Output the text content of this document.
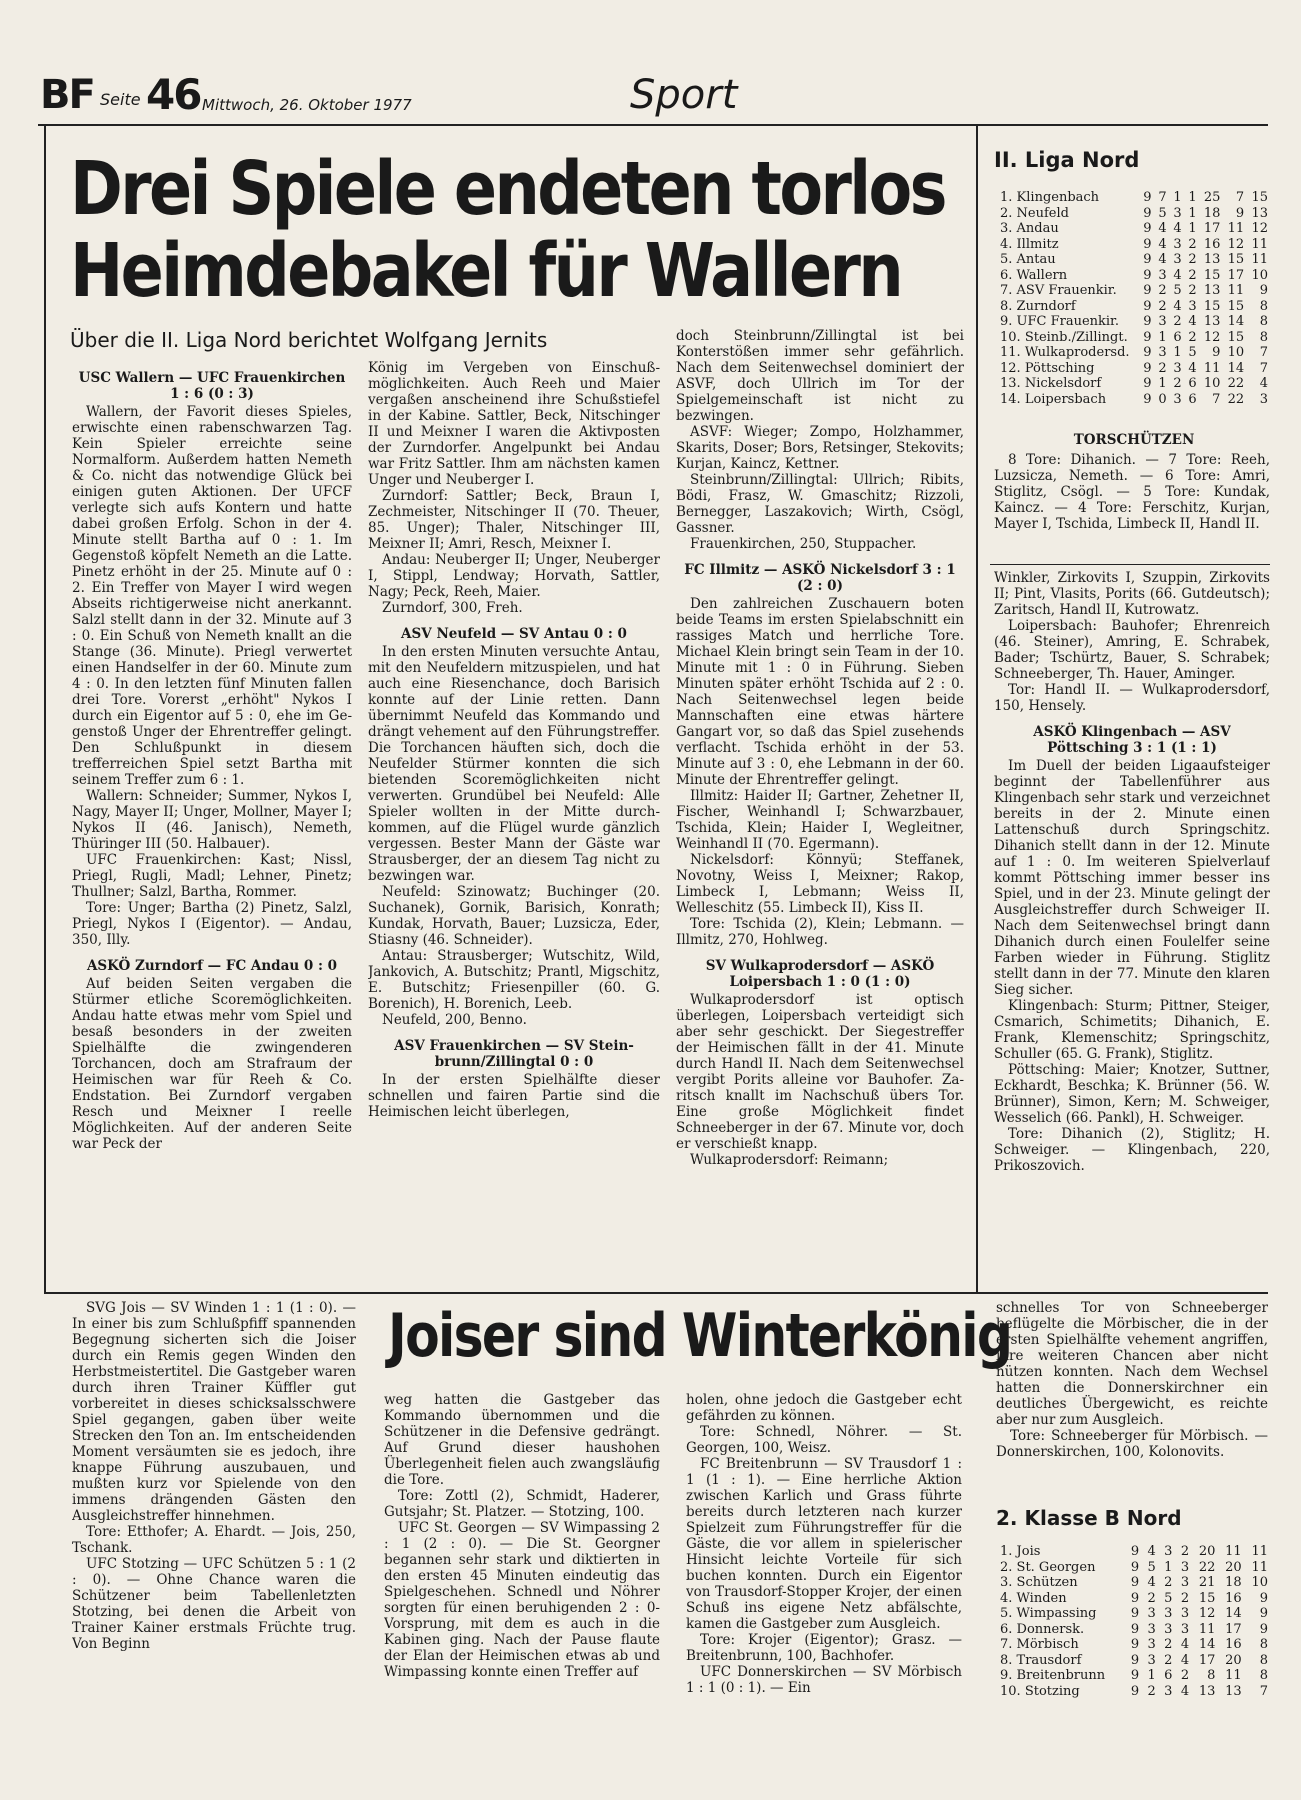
BF Seite 46 Mittwoch, 26. Oktober 1977	Sport
Drei Spiele endeten torlos
Heimdebakel für Wallern
Über die II. Liga Nord berichtet Wolfgang Jernits
USC Wallern — UFC Frauenkirchen 1 : 6 (0 : 3)

Wallern, der Favorit dieses Spieles, erwischte einen rabenschwarzen Tag. Kein Spieler erreichte seine Normalform. Außerdem hatten Nemeth & Co. nicht das notwendige Glück bei einigen guten Aktionen. Der UFCF verlegte sich aufs Kontern und hatte dabei großen Erfolg. Schon in der 4. Minute stellt Bartha auf 0 : 1. Im Gegenstoß köpfelt Nemeth an die Latte. Pinetz erhöht in der 25. Minute auf 0 : 2. Ein Treffer von Mayer I wird wegen Abseits richtigerweise nicht anerkannt. Salzl stellt dann in der 32. Minute auf 3 : 0. Ein Schuß von Nemeth knallt an die Stange (36. Minute). Priegl verwertet einen Handselfer in der 60. Minute zum 4 : 0. In den letzten fünf Minuten fallen drei Tore. Vorerst „erhöht" Nykos I durch ein Eigentor auf 5 : 0, ehe im Gegenstoß Unger der Ehrentreffer gelingt. Den Schlußpunkt in diesem trefferreichen Spiel setzt Bartha mit seinem Treffer zum 6 : 1.

Wallern: Schneider; Summer, Nykos I, Nagy, Mayer II; Unger, Mollner, Mayer I; Nykos II (46. Janisch), Nemeth, Thüringer III (50. Halbauer).

UFC Frauenkirchen: Kast; Nissl, Priegl, Rugli, Madl; Lehner, Pinetz; Thullner; Salzl, Bartha, Rommer.

Tore: Unger; Bartha (2) Pinetz, Salzl, Priegl, Nykos I (Eigentor). — Andau, 350, Illy.

ASKÖ Zurndorf — FC Andau 0 : 0

Auf beiden Seiten vergaben die Stürmer etliche Scoremöglichkeiten. Andau hatte etwas mehr vom Spiel und besaß besonders in der zweiten Spielhälfte die zwingenderen Torchancen, doch am Strafraum der Heimischen war für Reeh & Co. Endstation. Bei Zurndorf vergaben Resch und Meixner I reelle Möglichkeiten. Auf der anderen Seite war Peck der

König im Vergeben von Einschußmöglichkeiten. Auch Reeh und Maier vergaßen anscheinend ihre Schußstiefel in der Kabine. Sattler, Beck, Nitschinger II und Meixner I waren die Aktivposten der Zurndorfer. Angelpunkt bei Andau war Fritz Sattler. Ihm am nächsten kamen Unger und Neuberger I.

Zurndorf: Sattler; Beck, Braun I, Zechmeister, Nitschinger II (70. Theuer, 85. Unger); Thaler, Nitschinger III, Meixner II; Amri, Resch, Meixner I.

Andau: Neuberger II; Unger, Neuberger I, Stippl, Lendway; Horvath, Sattler, Nagy; Peck, Reeh, Maier.

Zurndorf, 300, Freh.

ASV Neufeld — SV Antau 0 : 0

In den ersten Minuten versuchte Antau, mit den Neufeldern mitzuspielen, und hat auch eine Riesenchance, doch Barisich konnte auf der Linie retten. Dann übernimmt Neufeld das Kommando und drängt vehement auf den Führungstreffer. Die Torchancen häuften sich, doch die Neufelder Stürmer konnten die sich bietenden Scoremöglichkeiten nicht verwerten. Grundübel bei Neufeld: Alle Spieler wollten in der Mitte durchkommen, auf die Flügel wurde gänzlich vergessen. Bester Mann der Gäste war Strausberger, der an diesem Tag nicht zu bezwingen war.

Neufeld: Szinowatz; Buchinger (20. Suchanek), Gornik, Barisich, Konrath; Kundak, Horvath, Bauer; Luzsicza, Eder, Stiasny (46. Schneider).

Antau: Strausberger; Wutschitz, Wild, Jankovich, A. Butschitz; Prantl, Migschitz, E. Butschitz; Friesenpiller (60. G. Borenich), H. Borenich, Leeb.

Neufeld, 200, Benno.

ASV Frauenkirchen — SV Steinbrunn/Zillingtal 0 : 0

In der ersten Spielhälfte dieser schnellen und fairen Partie sind die Heimischen leicht überlegen,

doch Steinbrunn/Zillingtal ist bei Konterstößen immer sehr gefährlich. Nach dem Seitenwechsel dominiert der ASVF, doch Ullrich im Tor der Spielgemeinschaft ist nicht zu bezwingen.

ASVF: Wieger; Zompo, Holzhammer, Skarits, Doser; Bors, Retsinger, Stekovits; Kurjan, Kaincz, Kettner.

Steinbrunn/Zillingtal: Ullrich; Ribits, Bödi, Frasz, W. Gmaschitz; Rizzoli, Bernegger, Laszakovich; Wirth, Csögl, Gassner.

Frauenkirchen, 250, Stuppacher.

FC Illmitz — ASKÖ Nickelsdorf 3 : 1 (2 : 0)

Den zahlreichen Zuschauern boten beide Teams im ersten Spielabschnitt ein rassiges Match und herrliche Tore. Michael Klein bringt sein Team in der 10. Minute mit 1 : 0 in Führung. Sieben Minuten später erhöht Tschida auf 2 : 0. Nach Seitenwechsel legen beide Mannschaften eine etwas härtere Gangart vor, so daß das Spiel zusehends verflacht. Tschida erhöht in der 53. Minute auf 3 : 0, ehe Lebmann in der 60. Minute der Ehrentreffer gelingt.

Illmitz: Haider II; Gartner, Zehetner II, Fischer, Weinhandl I; Schwarzbauer, Tschida, Klein; Haider I, Wegleitner, Weinhandl II (70. Egermann).

Nickelsdorf: Könnyü; Steffanek, Novotny, Weiss I, Meixner; Rakop, Limbeck I, Lebmann; Weiss II, Welleschitz (55. Limbeck II), Kiss II.

Tore: Tschida (2), Klein; Lebmann. — Illmitz, 270, Hohlweg.

SV Wulkaprodersdorf — ASKÖ Loipersbach 1 : 0 (1 : 0)

Wulkaprodersdorf ist optisch überlegen, Loipersbach verteidigt sich aber sehr geschickt. Der Siegestreffer der Heimischen fällt in der 41. Minute durch Handl II. Nach dem Seitenwechsel vergibt Porits alleine vor Bauhofer. Zaritsch knallt im Nachschuß übers Tor. Eine große Möglichkeit findet Schneeberger in der 67. Minute vor, doch er verschießt knapp.

Wulkaprodersdorf: Reimann;

II. Liga Nord
1. Klingenbach	9	7	1	1	25	7	15
2. Neufeld	9	5	3	1	18	9	13
3. Andau	9	4	4	1	17	11	12
4. Illmitz	9	4	3	2	16	12	11
5. Antau	9	4	3	2	13	15	11
6. Wallern	9	3	4	2	15	17	10
7. ASV Frauenkir.	9	2	5	2	13	11	9
8. Zurndorf	9	2	4	3	15	15	8
9. UFC Frauenkir.	9	3	2	4	13	14	8
10. Steinb./Zillingt.	9	1	6	2	12	15	8
11. Wulkaprodersd.	9	3	1	5	9	10	7
12. Pöttsching	9	2	3	4	11	14	7
13. Nickelsdorf	9	1	2	6	10	22	4
14. Loipersbach	9	0	3	6	7	22	3
TORSCHÜTZEN

8 Tore: Dihanich. — 7 Tore: Reeh, Luzsicza, Nemeth. — 6 Tore: Amri, Stiglitz, Csögl. — 5 Tore: Kundak, Kaincz. — 4 Tore: Ferschitz, Kurjan, Mayer I, Tschida, Limbeck II, Handl II.

Winkler, Zirkovits I, Szuppin, Zirkovits II; Pint, Vlasits, Porits (66. Gutdeutsch); Zaritsch, Handl II, Kutrowatz.

Loipersbach: Bauhofer; Ehrenreich (46. Steiner), Amring, E. Schrabek, Bader; Tschürtz, Bauer, S. Schrabek; Schneeberger, Th. Hauer, Aminger.

Tor: Handl II. — Wulkaprodersdorf, 150, Hensely.

ASKÖ Klingenbach — ASV Pöttsching 3 : 1 (1 : 1)

Im Duell der beiden Ligaaufsteiger beginnt der Tabellenführer aus Klingenbach sehr stark und verzeichnet bereits in der 2. Minute einen Lattenschuß durch Springschitz. Dihanich stellt dann in der 12. Minute auf 1 : 0. Im weiteren Spielverlauf kommt Pöttsching immer besser ins Spiel, und in der 23. Minute gelingt der Ausgleichstreffer durch Schweiger II. Nach dem Seitenwechsel bringt dann Dihanich durch einen Foulelfer seine Farben wieder in Führung. Stiglitz stellt dann in der 77. Minute den klaren Sieg sicher.

Klingenbach: Sturm; Pittner, Steiger, Csmarich, Schimetits; Dihanich, E. Frank, Klemenschitz; Springschitz, Schuller (65. G. Frank), Stiglitz.

Pöttsching: Maier; Knotzer, Suttner, Eckhardt, Beschka; K. Brünner (56. W. Brünner), Simon, Kern; M. Schweiger, Wesselich (66. Pankl), H. Schweiger.

Tore: Dihanich (2), Stiglitz; H. Schweiger. — Klingenbach, 220, Prikoszovich.

SVG Jois — SV Winden 1 : 1 (1 : 0). — In einer bis zum Schlußpfiff spannenden Begegnung sicherten sich die Joiser durch ein Remis gegen Winden den Herbstmeistertitel. Die Gastgeber waren durch ihren Trainer Küffler gut vorbereitet in dieses schicksalsschwere Spiel gegangen, gaben über weite Strecken den Ton an. Im entscheidenden Moment versäumten sie es jedoch, ihre knappe Führung auszubauen, und mußten kurz vor Spielende von den immens drängenden Gästen den Ausgleichstreffer hinnehmen.

Tore: Etthofer; A. Ehardt. — Jois, 250, Tschank.

UFC Stotzing — UFC Schützen 5 : 1 (2 : 0). — Ohne Chance waren die Schützener beim Tabellenletzten Stotzing, bei denen die Arbeit von Trainer Kainer erstmals Früchte trug. Von Beginn

Joiser sind Winterkönig

weg hatten die Gastgeber das Kommando übernommen und die Schützener in die Defensive gedrängt. Auf Grund dieser haushohen Überlegenheit fielen auch zwangsläufig die Tore.

Tore: Zottl (2), Schmidt, Haderer, Gutsjahr; St. Platzer. — Stotzing, 100.

UFC St. Georgen — SV Wimpassing 2 : 1 (2 : 0). — Die St. Georgner begannen sehr stark und diktierten in den ersten 45 Minuten eindeutig das Spielgeschehen. Schnedl und Nöhrer sorgten für einen beruhigenden 2 : 0-Vorsprung, mit dem es auch in die Kabinen ging. Nach der Pause flaute der Elan der Heimischen etwas ab und Wimpassing konnte einen Treffer auf

holen, ohne jedoch die Gastgeber echt gefährden zu können.

Tore: Schnedl, Nöhrer. — St. Georgen, 100, Weisz.

FC Breitenbrunn — SV Trausdorf 1 : 1 (1 : 1). — Eine herrliche Aktion zwischen Karlich und Grass führte bereits durch letzteren nach kurzer Spielzeit zum Führungstreffer für die Gäste, die vor allem in spielerischer Hinsicht leichte Vorteile für sich buchen konnten. Durch ein Eigentor von Trausdorf-Stopper Krojer, der einen Schuß ins eigene Netz abfälschte, kamen die Gastgeber zum Ausgleich.

Tore: Krojer (Eigentor); Grasz. — Breitenbrunn, 100, Bachhofer.

UFC Donnerskirchen — SV Mörbisch 1 : 1 (0 : 1). — Ein

schnelles Tor von Schneeberger beflügelte die Mörbischer, die in der ersten Spielhälfte vehement angriffen, ihre weiteren Chancen aber nicht nützen konnten. Nach dem Wechsel hatten die Donnerskirchner ein deutliches Übergewicht, es reichte aber nur zum Ausgleich.

Tore: Schneeberger für Mörbisch. — Donnerskirchen, 100, Kolonovits.

2. Klasse B Nord
1. Jois	9	4	3	2	20	11	11
2. St. Georgen	9	5	1	3	22	20	11
3. Schützen	9	4	2	3	21	18	10
4. Winden	9	2	5	2	15	16	9
5. Wimpassing	9	3	3	3	12	14	9
6. Donnersk.	9	3	3	3	11	17	9
7. Mörbisch	9	3	2	4	14	16	8
8. Trausdorf	9	3	2	4	17	20	8
9. Breitenbrunn	9	1	6	2	8	11	8
10. Stotzing	9	2	3	4	13	13	7
